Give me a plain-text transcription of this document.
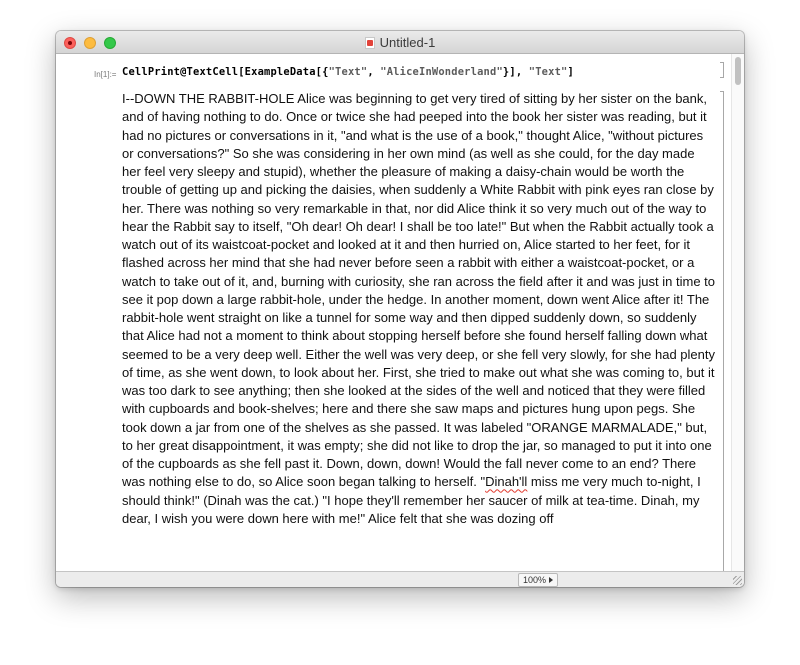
Untitled-1
In[1]:= CellPrint@TextCell[ExampleData[{"Text", "AliceInWonderland"}], "Text"]
I--DOWN THE RABBIT-HOLE Alice was beginning to get very tired of sitting by her sister on the bank, and of having nothing to do. Once or twice she had peeped into the book her sister was reading, but it had no pictures or conversations in it, "and what is the use of a book," thought Alice, "without pictures or conversations?" So she was considering in her own mind (as well as she could, for the day made her feel very sleepy and stupid), whether the pleasure of making a daisy-chain would be worth the trouble of getting up and picking the daisies, when suddenly a White Rabbit with pink eyes ran close by her. There was nothing so very remarkable in that, nor did Alice think it so very much out of the way to hear the Rabbit say to itself, "Oh dear! Oh dear! I shall be too late!" But when the Rabbit actually took a watch out of its waistcoat-pocket and looked at it and then hurried on, Alice started to her feet, for it flashed across her mind that she had never before seen a rabbit with either a waistcoat-pocket, or a watch to take out of it, and, burning with curiosity, she ran across the field after it and was just in time to see it pop down a large rabbit-hole, under the hedge. In another moment, down went Alice after it! The rabbit-hole went straight on like a tunnel for some way and then dipped suddenly down, so suddenly that Alice had not a moment to think about stopping herself before she found herself falling down what seemed to be a very deep well. Either the well was very deep, or she fell very slowly, for she had plenty of time, as she went down, to look about her. First, she tried to make out what she was coming to, but it was too dark to see anything; then she looked at the sides of the well and noticed that they were filled with cupboards and book-shelves; here and there she saw maps and pictures hung upon pegs. She took down a jar from one of the shelves as she passed. It was labeled "ORANGE MARMALADE," but, to her great disappointment, it was empty; she did not like to drop the jar, so managed to put it into one of the cupboards as she fell past it. Down, down, down! Would the fall never come to an end? There was nothing else to do, so Alice soon began talking to herself. "Dinah'll miss me very much to-night, I should think!" (Dinah was the cat.) "I hope they'll remember her saucer of milk at tea-time. Dinah, my dear, I wish you were down here with me!" Alice felt that she was dozing off
100%
